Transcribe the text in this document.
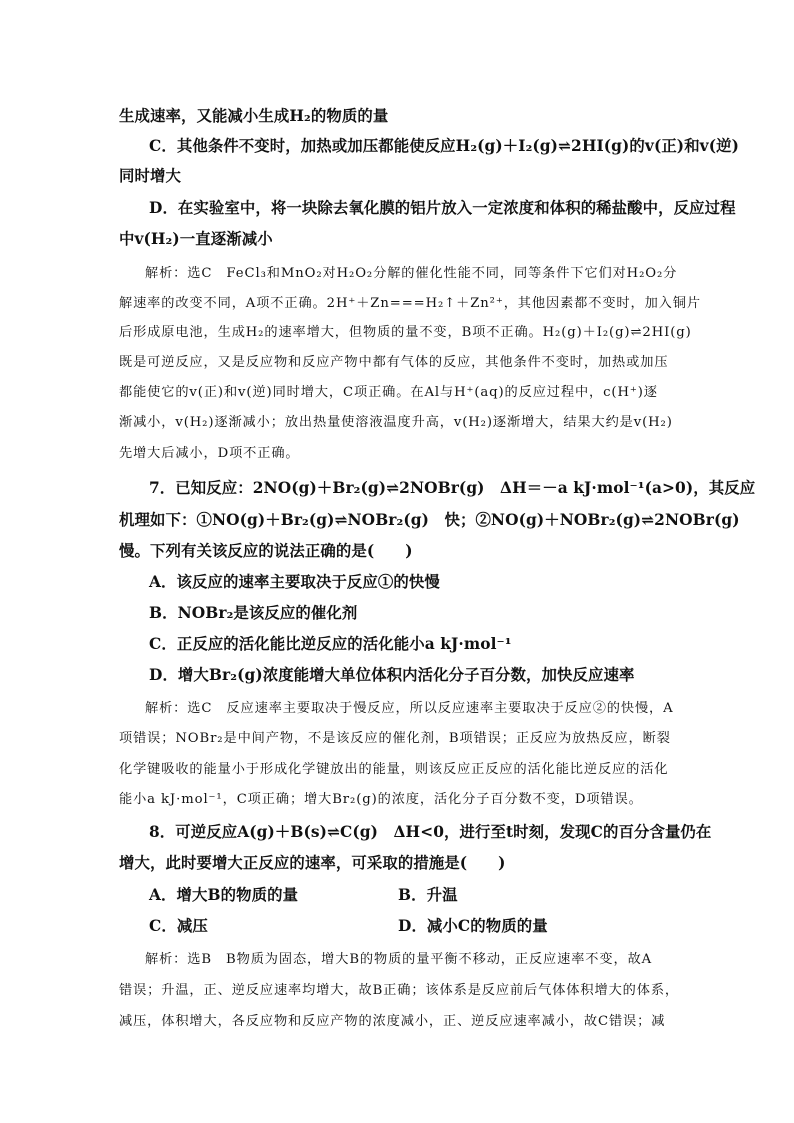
生成速率，又能减小生成H₂的物质的量
C．其他条件不变时，加热或加压都能使反应H₂(g)＋I₂(g)⇌2HI(g)的v(正)和v(逆)
同时增大
D．在实验室中，将一块除去氧化膜的铝片放入一定浓度和体积的稀盐酸中，反应过程
中v(H₂)一直逐渐减小
解析：选C　FeCl₃和MnO₂对H₂O₂分解的催化性能不同，同等条件下它们对H₂O₂分
解速率的改变不同，A项不正确。2H⁺＋Zn===H₂↑＋Zn²⁺，其他因素都不变时，加入铜片
后形成原电池，生成H₂的速率增大，但物质的量不变，B项不正确。H₂(g)＋I₂(g)⇌2HI(g)
既是可逆反应，又是反应物和反应产物中都有气体的反应，其他条件不变时，加热或加压
都能使它的v(正)和v(逆)同时增大，C项正确。在Al与H⁺(aq)的反应过程中，c(H⁺)逐
渐减小，v(H₂)逐渐减小；放出热量使溶液温度升高，v(H₂)逐渐增大，结果大约是v(H₂)
先增大后减小，D项不正确。
7．已知反应：2NO(g)＋Br₂(g)⇌2NOBr(g)　ΔH＝－a kJ·mol⁻¹(a>0)，其反应
机理如下：①NO(g)＋Br₂(g)⇌NOBr₂(g)　快；②NO(g)＋NOBr₂(g)⇌2NOBr(g)
慢。下列有关该反应的说法正确的是(　　)
A．该反应的速率主要取决于反应①的快慢
B．NOBr₂是该反应的催化剂
C．正反应的活化能比逆反应的活化能小a kJ·mol⁻¹
D．增大Br₂(g)浓度能增大单位体积内活化分子百分数，加快反应速率
解析：选C　反应速率主要取决于慢反应，所以反应速率主要取决于反应②的快慢，A
项错误；NOBr₂是中间产物，不是该反应的催化剂，B项错误；正反应为放热反应，断裂
化学键吸收的能量小于形成化学键放出的能量，则该反应正反应的活化能比逆反应的活化
能小a kJ·mol⁻¹，C项正确；增大Br₂(g)的浓度，活化分子百分数不变，D项错误。
8．可逆反应A(g)＋B(s)⇌C(g)　ΔH<0，进行至t时刻，发现C的百分含量仍在
增大，此时要增大正反应的速率，可采取的措施是(　　)
A．增大B的物质的量	B．升温
C．减压	D．减小C的物质的量
解析：选B　B物质为固态，增大B的物质的量平衡不移动，正反应速率不变，故A
错误；升温，正、逆反应速率均增大，故B正确；该体系是反应前后气体体积增大的体系，
减压，体积增大，各反应物和反应产物的浓度减小，正、逆反应速率减小，故C错误；减
